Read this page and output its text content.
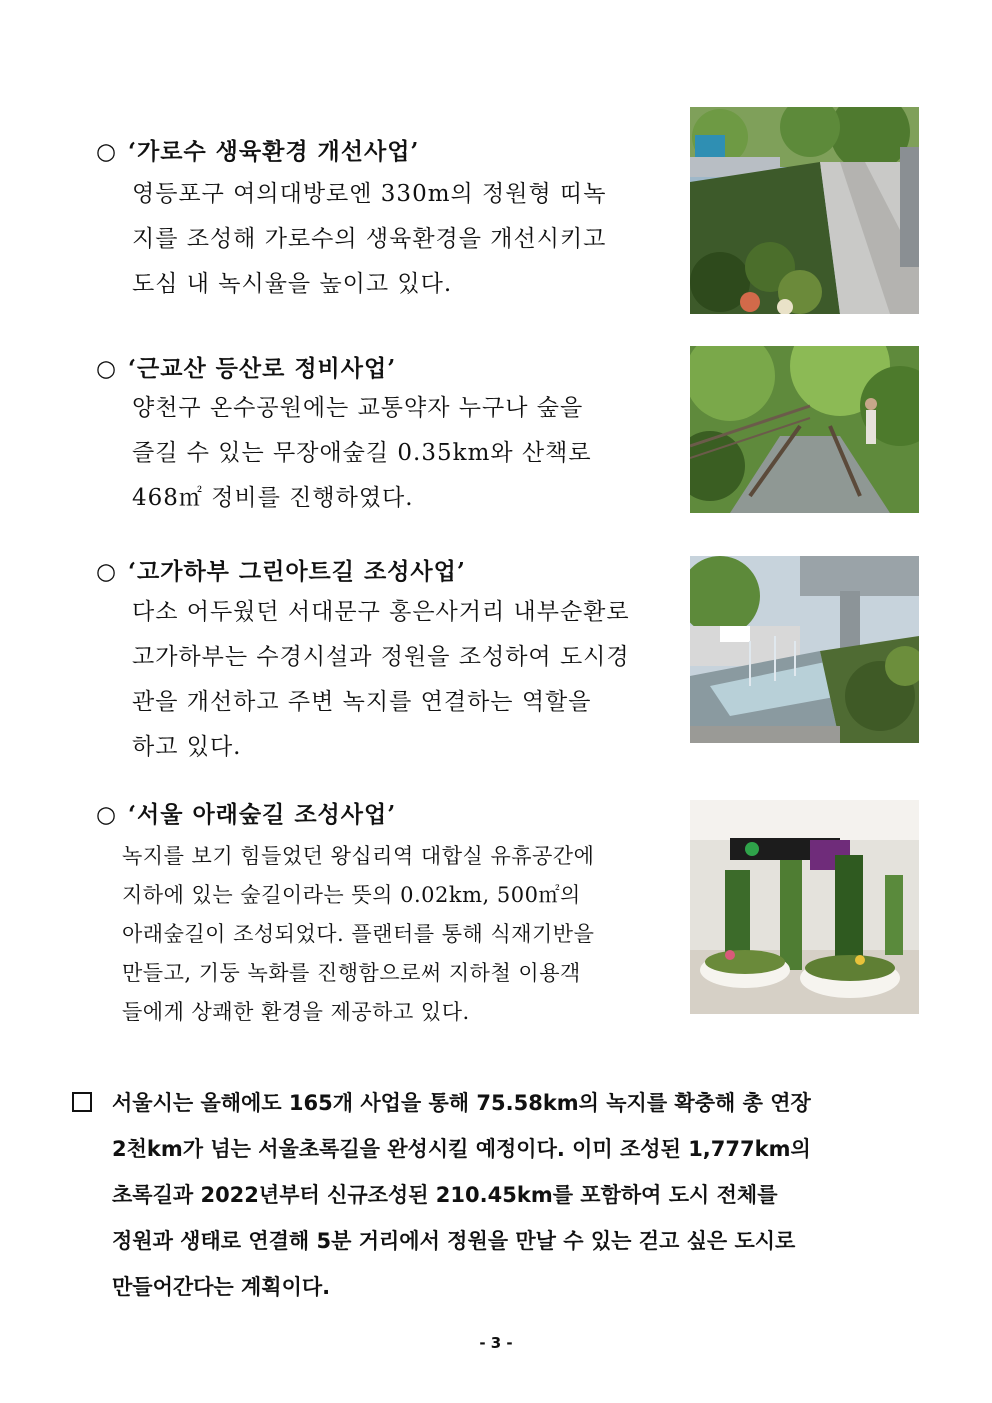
○ ‘가로수 생육환경 개선사업’
영등포구 여의대방로엔 330m의 정원형 띠녹
지를 조성해 가로수의 생육환경을 개선시키고
도심 내 녹시율을 높이고 있다.
○ ‘근교산 등산로 정비사업’
양천구 온수공원에는 교통약자 누구나 숲을
즐길 수 있는 무장애숲길 0.35km와 산책로
468㎡ 정비를 진행하였다.
○ ‘고가하부 그린아트길 조성사업’
다소 어두웠던 서대문구 홍은사거리 내부순환로
고가하부는 수경시설과 정원을 조성하여 도시경
관을 개선하고 주변 녹지를 연결하는 역할을
하고 있다.
○ ‘서울 아래숲길 조성사업’
녹지를 보기 힘들었던 왕십리역 대합실 유휴공간에
지하에 있는 숲길이라는 뜻의 0.02km, 500㎡의
아래숲길이 조성되었다. 플랜터를 통해 식재기반을
만들고, 기둥 녹화를 진행함으로써 지하철 이용객
들에게 상쾌한 환경을 제공하고 있다.
서울시는 올해에도 165개 사업을 통해 75.58km의 녹지를 확충해 총 연장
2천km가 넘는 서울초록길을 완성시킬 예정이다. 이미 조성된 1,777km의
초록길과 2022년부터 신규조성된 210.45km를 포함하여 도시 전체를
정원과 생태로 연결해 5분 거리에서 정원을 만날 수 있는 걷고 싶은 도시로
만들어간다는 계획이다.
- 3 -
